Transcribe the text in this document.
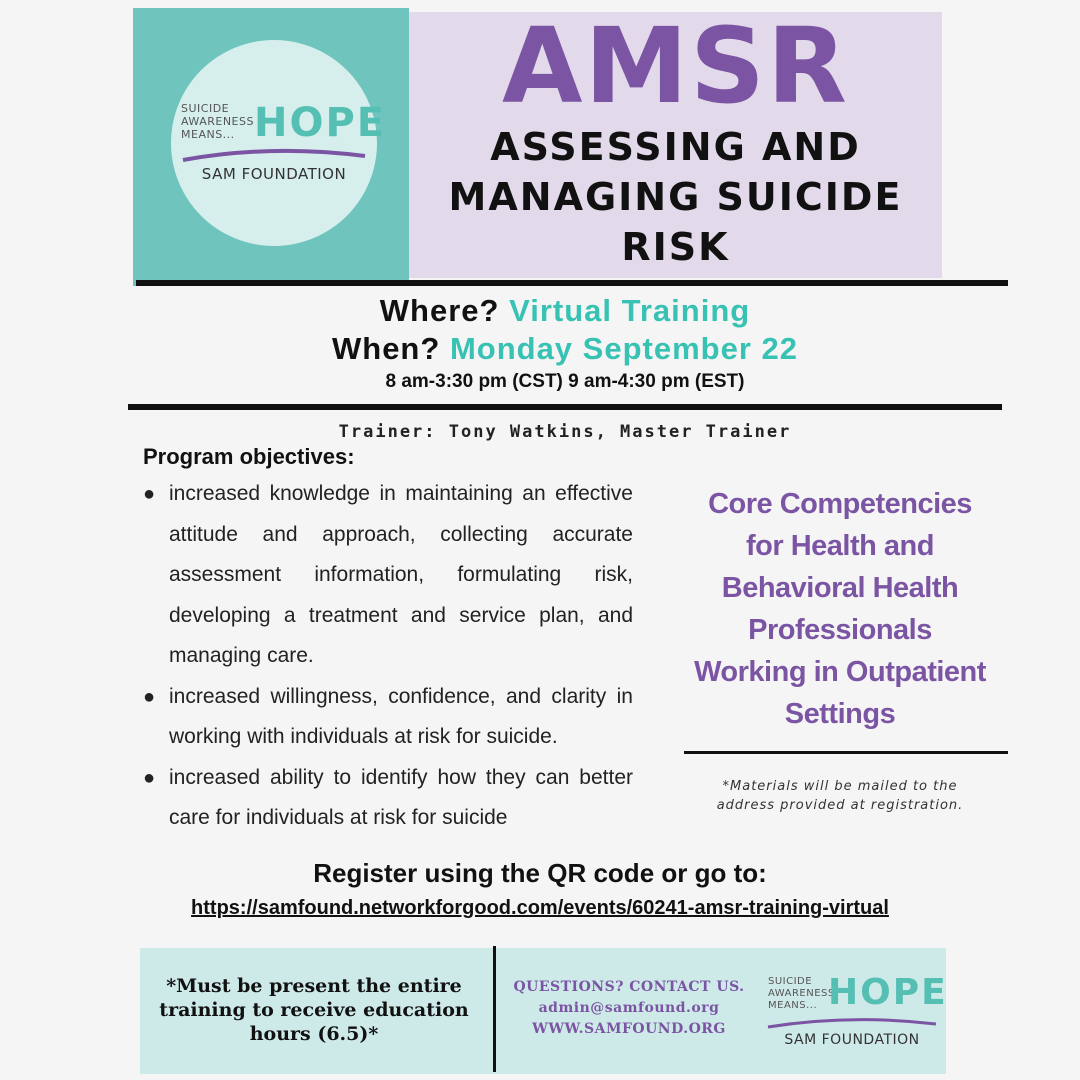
SUICIDE
AWARENESS
MEANS... HOPE
SAM FOUNDATION
AMSR
ASSESSING AND
MANAGING SUICIDE
RISK
Where? Virtual Training
When? Monday September 22
8 am-3:30 pm (CST) 9 am-4:30 pm (EST)
Trainer: Tony Watkins, Master Trainer
Program objectives:
● increased knowledge in maintaining an effective attitude and approach, collecting accurate assessment information, formulating risk, developing a treatment and service plan, and managing care.
● increased willingness, confidence, and clarity in working with individuals at risk for suicide.
● increased ability to identify how they can better care for individuals at risk for suicide
Core Competencies for Health and Behavioral Health Professionals Working in Outpatient Settings
*Materials will be mailed to the address provided at registration.
Register using the QR code or go to:
https://samfound.networkforgood.com/events/60241-amsr-training-virtual
*Must be present the entire training to receive education hours (6.5)*
QUESTIONS? CONTACT US.
admin@samfound.org
WWW.SAMFOUND.ORG
SUICIDE
AWARENESS
MEANS... HOPE
SAM FOUNDATION
